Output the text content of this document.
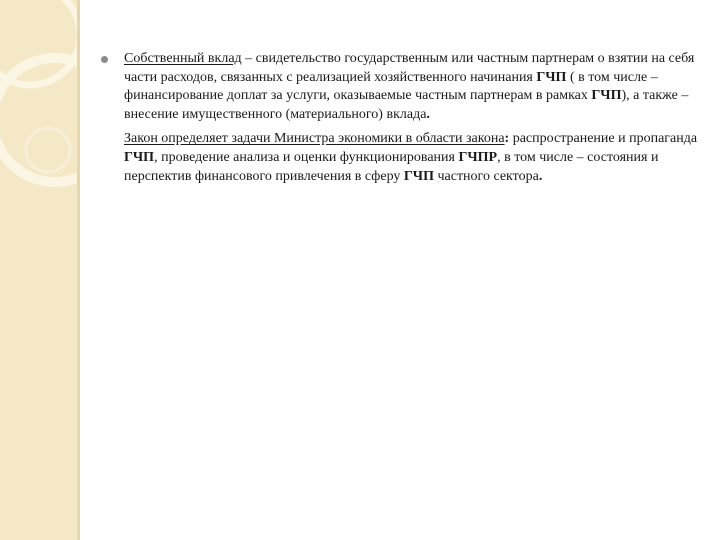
Собственный вклад – свидетельство государственным или частным партнерам о взятии на себя части расходов, связанных с реализацией хозяйственного начинания ГЧП ( в том числе – финансирование доплат за услуги, оказываемые частным партнерам в рамках ГЧП), а также – внесение имущественного (материального) вклада.

Закон определяет задачи Министра экономики в области закона: распространение и пропаганда ГЧП, проведение анализа и оценки функционирования ГЧПР, в том числе – состояния и перспектив финансового привлечения в сферу ГЧП частного сектора.
